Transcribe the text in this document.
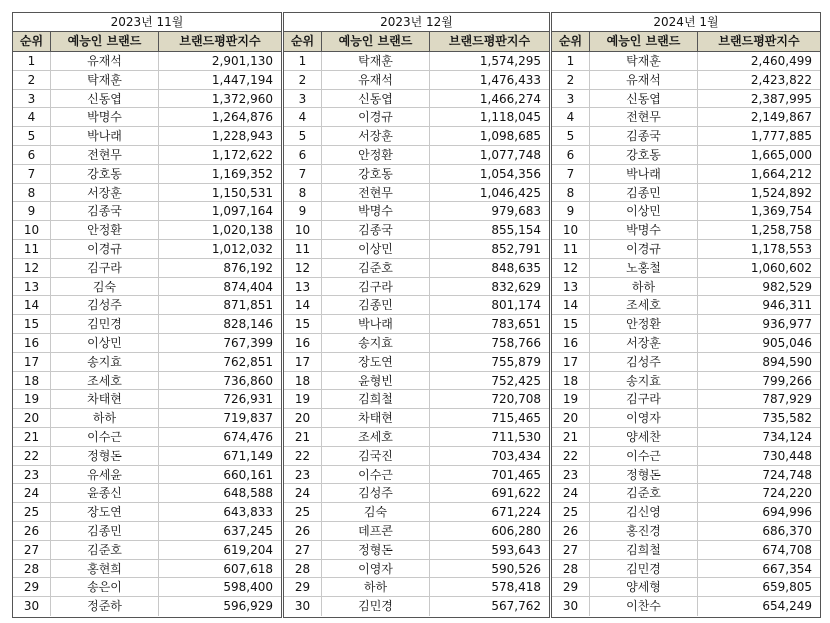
2023년 11월
순위	예능인 브랜드	브랜드평판지수
1	유재석	2,901,130
2	탁재훈	1,447,194
3	신동엽	1,372,960
4	박명수	1,264,876
5	박나래	1,228,943
6	전현무	1,172,622
7	강호동	1,169,352
8	서장훈	1,150,531
9	김종국	1,097,164
10	안정환	1,020,138
11	이경규	1,012,032
12	김구라	876,192
13	김숙	874,404
14	김성주	871,851
15	김민경	828,146
16	이상민	767,399
17	송지효	762,851
18	조세호	736,860
19	차태현	726,931
20	하하	719,837
21	이수근	674,476
22	정형돈	671,149
23	유세윤	660,161
24	윤종신	648,588
25	장도연	643,833
26	김종민	637,245
27	김준호	619,204
28	홍현희	607,618
29	송은이	598,400
30	정준하	596,929
2023년 12월
순위	예능인 브랜드	브랜드평판지수
1	탁재훈	1,574,295
2	유재석	1,476,433
3	신동엽	1,466,274
4	이경규	1,118,045
5	서장훈	1,098,685
6	안정환	1,077,748
7	강호동	1,054,356
8	전현무	1,046,425
9	박명수	979,683
10	김종국	855,154
11	이상민	852,791
12	김준호	848,635
13	김구라	832,629
14	김종민	801,174
15	박나래	783,651
16	송지효	758,766
17	장도연	755,879
18	윤형빈	752,425
19	김희철	720,708
20	차태현	715,465
21	조세호	711,530
22	김국진	703,434
23	이수근	701,465
24	김성주	691,622
25	김숙	671,224
26	데프콘	606,280
27	정형돈	593,643
28	이영자	590,526
29	하하	578,418
30	김민경	567,762
2024년 1월
순위	예능인 브랜드	브랜드평판지수
1	탁재훈	2,460,499
2	유재석	2,423,822
3	신동엽	2,387,995
4	전현무	2,149,867
5	김종국	1,777,885
6	강호동	1,665,000
7	박나래	1,664,212
8	김종민	1,524,892
9	이상민	1,369,754
10	박명수	1,258,758
11	이경규	1,178,553
12	노홍철	1,060,602
13	하하	982,529
14	조세호	946,311
15	안정환	936,977
16	서장훈	905,046
17	김성주	894,590
18	송지효	799,266
19	김구라	787,929
20	이영자	735,582
21	양세찬	734,124
22	이수근	730,448
23	정형돈	724,748
24	김준호	724,220
25	김신영	694,996
26	홍진경	686,370
27	김희철	674,708
28	김민경	667,354
29	양세형	659,805
30	이찬수	654,249
